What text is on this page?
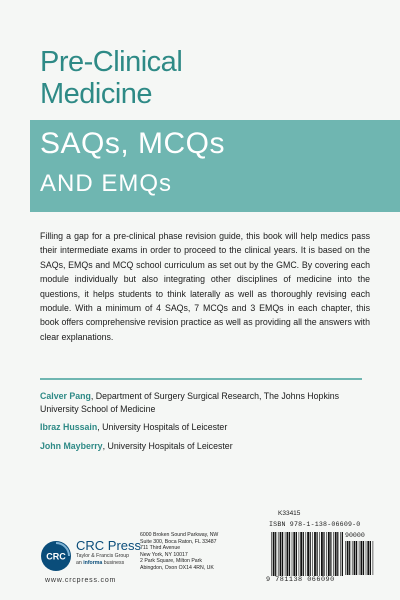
Pre-Clinical
Medicine
SAQs, MCQs
AND EMQs
Filling a gap for a pre-clinical phase revision guide, this book will help medics pass their intermediate exams in order to proceed to the clinical years. It is based on the SAQs, EMQs and MCQ school curriculum as set out by the GMC. By covering each module individually but also integrating other disciplines of medicine into the questions, it helps students to think laterally as well as thoroughly revising each module. With a minimum of 4 SAQs, 7 MCQs and 3 EMQs in each chapter, this book offers comprehensive revision practice as well as providing all the answers with clear explanations.
Calver Pang, Department of Surgery Surgical Research, The Johns Hopkins University School of Medicine
Ibraz Hussain, University Hospitals of Leicester
John Mayberry, University Hospitals of Leicester
CRC
CRC Press
Taylor & Francis Group
an informa business
www.crcpress.com
6000 Broken Sound Parkway, NW
Suite 300, Boca Raton, FL 33487
711 Third Avenue
New York, NY 10017
2 Park Square, Milton Park
Abingdon, Oxon OX14 4RN, UK
K33415
ISBN 978-1-138-06609-0
90000
9 781138 066090
